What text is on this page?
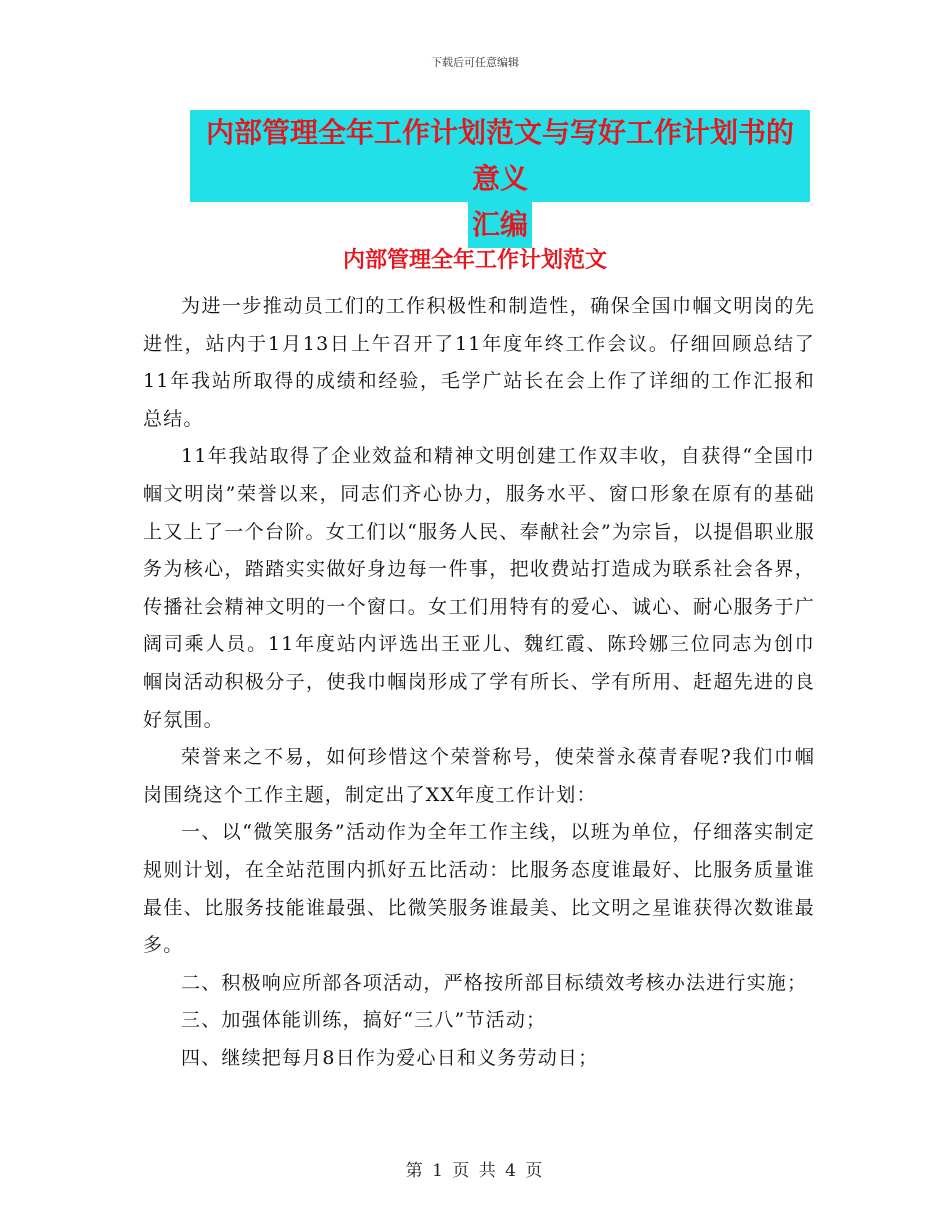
下载后可任意编辑
内部管理全年工作计划范文与写好工作计划书的意义
汇编
内部管理全年工作计划范文

为进一步推动员工们的工作积极性和制造性，确保全国巾帼文明岗的先进性，站内于1月13日上午召开了11年度年终工作会议。仔细回顾总结了11年我站所取得的成绩和经验，毛学广站长在会上作了详细的工作汇报和总结。

11年我站取得了企业效益和精神文明创建工作双丰收，自获得“全国巾帼文明岗”荣誉以来，同志们齐心协力，服务水平、窗口形象在原有的基础上又上了一个台阶。女工们以“服务人民、奉献社会”为宗旨，以提倡职业服务为核心，踏踏实实做好身边每一件事，把收费站打造成为联系社会各界，传播社会精神文明的一个窗口。女工们用特有的爱心、诚心、耐心服务于广阔司乘人员。11年度站内评选出王亚儿、魏红霞、陈玲娜三位同志为创巾帼岗活动积极分子，使我巾帼岗形成了学有所长、学有所用、赶超先进的良好氛围。

荣誉来之不易，如何珍惜这个荣誉称号，使荣誉永葆青春呢?我们巾帼岗围绕这个工作主题，制定出了XX年度工作计划：

一、以“微笑服务”活动作为全年工作主线，以班为单位，仔细落实制定规则计划，在全站范围内抓好五比活动：比服务态度谁最好、比服务质量谁最佳、比服务技能谁最强、比微笑服务谁最美、比文明之星谁获得次数谁最多。

二、积极响应所部各项活动，严格按所部目标绩效考核办法进行实施；

三、加强体能训练，搞好“三八”节活动；

四、继续把每月8日作为爱心日和义务劳动日；

第 1 页 共 4 页
